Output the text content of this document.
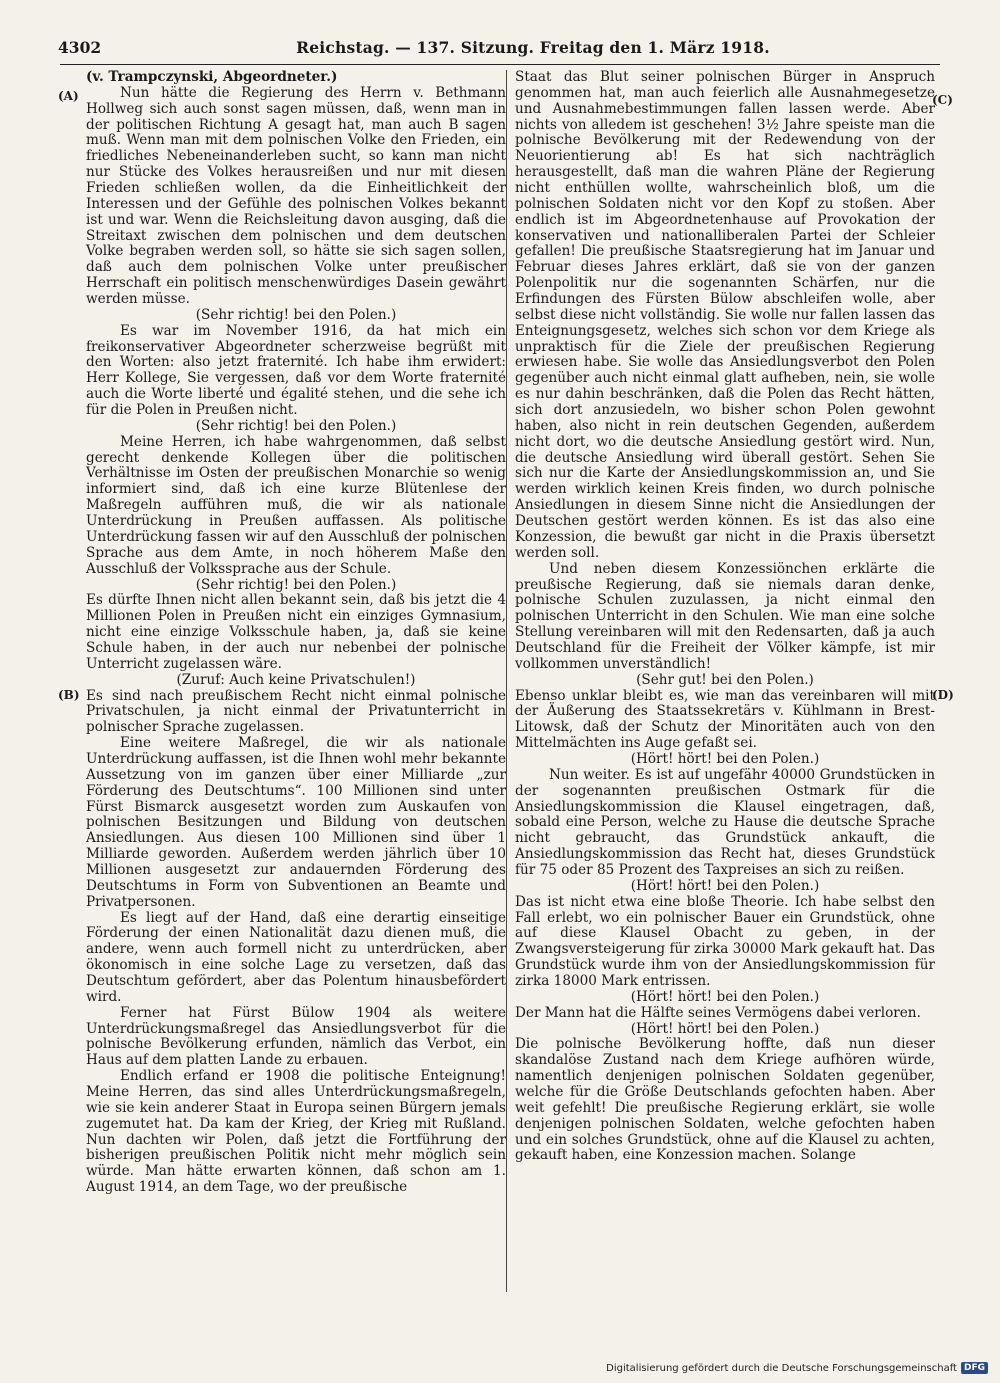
4302	Reichstag. — 137. Sitzung. Freitag den 1. März 1918.
(A)
(B)
(C)
(D)

(v. Trampczynski, Abgeordneter.)

Nun hätte die Regierung des Herrn v. Bethmann Hollweg sich auch sonst sagen müssen, daß, wenn man in der politischen Richtung A gesagt hat, man auch B sagen muß. Wenn man mit dem polnischen Volke den Frieden, ein friedliches Nebeneinanderleben sucht, so kann man nicht nur Stücke des Volkes herausreißen und nur mit diesen Frieden schließen wollen, da die Einheitlichkeit der Interessen und der Gefühle des polnischen Volkes bekannt ist und war. Wenn die Reichsleitung davon ausging, daß die Streitaxt zwischen dem polnischen und dem deutschen Volke begraben werden soll, so hätte sie sich sagen sollen, daß auch dem polnischen Volke unter preußischer Herrschaft ein politisch menschenwürdiges Dasein gewährt werden müsse.

(Sehr richtig! bei den Polen.)

Es war im November 1916, da hat mich ein freikonservativer Abgeordneter scherzweise begrüßt mit den Worten: also jetzt fraternité. Ich habe ihm erwidert: Herr Kollege, Sie vergessen, daß vor dem Worte fraternité auch die Worte liberté und égalité stehen, und die sehe ich für die Polen in Preußen nicht.

(Sehr richtig! bei den Polen.)

Meine Herren, ich habe wahrgenommen, daß selbst gerecht denkende Kollegen über die politischen Verhältnisse im Osten der preußischen Monarchie so wenig informiert sind, daß ich eine kurze Blütenlese der Maßregeln aufführen muß, die wir als nationale Unterdrückung in Preußen auffassen. Als politische Unterdrückung fassen wir auf den Ausschluß der polnischen Sprache aus dem Amte, in noch höherem Maße den Ausschluß der Volkssprache aus der Schule.

(Sehr richtig! bei den Polen.)

Es dürfte Ihnen nicht allen bekannt sein, daß bis jetzt die 4 Millionen Polen in Preußen nicht ein einziges Gymnasium, nicht eine einzige Volksschule haben, ja, daß sie keine Schule haben, in der auch nur nebenbei der polnische Unterricht zugelassen wäre.

(Zuruf: Auch keine Privatschulen!)

Es sind nach preußischem Recht nicht einmal polnische Privatschulen, ja nicht einmal der Privatunterricht in polnischer Sprache zugelassen.

Eine weitere Maßregel, die wir als nationale Unterdrückung auffassen, ist die Ihnen wohl mehr bekannte Aussetzung von im ganzen über einer Milliarde „zur Förderung des Deutschtums“. 100 Millionen sind unter Fürst Bismarck ausgesetzt worden zum Auskaufen von polnischen Besitzungen und Bildung von deutschen Ansiedlungen. Aus diesen 100 Millionen sind über 1 Milliarde geworden. Außerdem werden jährlich über 10 Millionen ausgesetzt zur andauernden Förderung des Deutschtums in Form von Subventionen an Beamte und Privatpersonen.

Es liegt auf der Hand, daß eine derartig einseitige Förderung der einen Nationalität dazu dienen muß, die andere, wenn auch formell nicht zu unterdrücken, aber ökonomisch in eine solche Lage zu versetzen, daß das Deutschtum gefördert, aber das Polentum hinausbefördert wird.

Ferner hat Fürst Bülow 1904 als weitere Unterdrückungsmaßregel das Ansiedlungsverbot für die polnische Bevölkerung erfunden, nämlich das Verbot, ein Haus auf dem platten Lande zu erbauen.

Endlich erfand er 1908 die politische Enteignung! Meine Herren, das sind alles Unterdrückungsmaßregeln, wie sie kein anderer Staat in Europa seinen Bürgern jemals zugemutet hat. Da kam der Krieg, der Krieg mit Rußland. Nun dachten wir Polen, daß jetzt die Fortführung der bisherigen preußischen Politik nicht mehr möglich sein würde. Man hätte erwarten können, daß schon am 1. August 1914, an dem Tage, wo der preußische

Staat das Blut seiner polnischen Bürger in Anspruch genommen hat, man auch feierlich alle Ausnahmegesetze und Ausnahmebestimmungen fallen lassen werde. Aber nichts von alledem ist geschehen! 3½ Jahre speiste man die polnische Bevölkerung mit der Redewendung von der Neuorientierung ab! Es hat sich nachträglich herausgestellt, daß man die wahren Pläne der Regierung nicht enthüllen wollte, wahrscheinlich bloß, um die polnischen Soldaten nicht vor den Kopf zu stoßen. Aber endlich ist im Abgeordnetenhause auf Provokation der konservativen und nationalliberalen Partei der Schleier gefallen! Die preußische Staatsregierung hat im Januar und Februar dieses Jahres erklärt, daß sie von der ganzen Polenpolitik nur die sogenannten Schärfen, nur die Erfindungen des Fürsten Bülow abschleifen wolle, aber selbst diese nicht vollständig. Sie wolle nur fallen lassen das Enteignungsgesetz, welches sich schon vor dem Kriege als unpraktisch für die Ziele der preußischen Regierung erwiesen habe. Sie wolle das Ansiedlungsverbot den Polen gegenüber auch nicht einmal glatt aufheben, nein, sie wolle es nur dahin beschränken, daß die Polen das Recht hätten, sich dort anzusiedeln, wo bisher schon Polen gewohnt haben, also nicht in rein deutschen Gegenden, außerdem nicht dort, wo die deutsche Ansiedlung gestört wird. Nun, die deutsche Ansiedlung wird überall gestört. Sehen Sie sich nur die Karte der Ansiedlungskommission an, und Sie werden wirklich keinen Kreis finden, wo durch polnische Ansiedlungen in diesem Sinne nicht die Ansiedlungen der Deutschen gestört werden können. Es ist das also eine Konzession, die bewußt gar nicht in die Praxis übersetzt werden soll.

Und neben diesem Konzessiönchen erklärte die preußische Regierung, daß sie niemals daran denke, polnische Schulen zuzulassen, ja nicht einmal den polnischen Unterricht in den Schulen. Wie man eine solche Stellung vereinbaren will mit den Redensarten, daß ja auch Deutschland für die Freiheit der Völker kämpfe, ist mir vollkommen unverständlich!

(Sehr gut! bei den Polen.)

Ebenso unklar bleibt es, wie man das vereinbaren will mit der Äußerung des Staatssekretärs v. Kühlmann in Brest-Litowsk, daß der Schutz der Minoritäten auch von den Mittelmächten ins Auge gefaßt sei.

(Hört! hört! bei den Polen.)

Nun weiter. Es ist auf ungefähr 40000 Grundstücken in der sogenannten preußischen Ostmark für die Ansiedlungskommission die Klausel eingetragen, daß, sobald eine Person, welche zu Hause die deutsche Sprache nicht gebraucht, das Grundstück ankauft, die Ansiedlungskommission das Recht hat, dieses Grundstück für 75 oder 85 Prozent des Taxpreises an sich zu reißen.

(Hört! hört! bei den Polen.)

Das ist nicht etwa eine bloße Theorie. Ich habe selbst den Fall erlebt, wo ein polnischer Bauer ein Grundstück, ohne auf diese Klausel Obacht zu geben, in der Zwangsversteigerung für zirka 30000 Mark gekauft hat. Das Grundstück wurde ihm von der Ansiedlungskommission für zirka 18000 Mark entrissen.

(Hört! hört! bei den Polen.)

Der Mann hat die Hälfte seines Vermögens dabei verloren.

(Hört! hört! bei den Polen.)

Die polnische Bevölkerung hoffte, daß nun dieser skandalöse Zustand nach dem Kriege aufhören würde, namentlich denjenigen polnischen Soldaten gegenüber, welche für die Größe Deutschlands gefochten haben. Aber weit gefehlt! Die preußische Regierung erklärt, sie wolle denjenigen polnischen Soldaten, welche gefochten haben und ein solches Grundstück, ohne auf die Klausel zu achten, gekauft haben, eine Konzession machen. Solange

Digitalisierung gefördert durch die Deutsche Forschungsgemeinschaft DFG
